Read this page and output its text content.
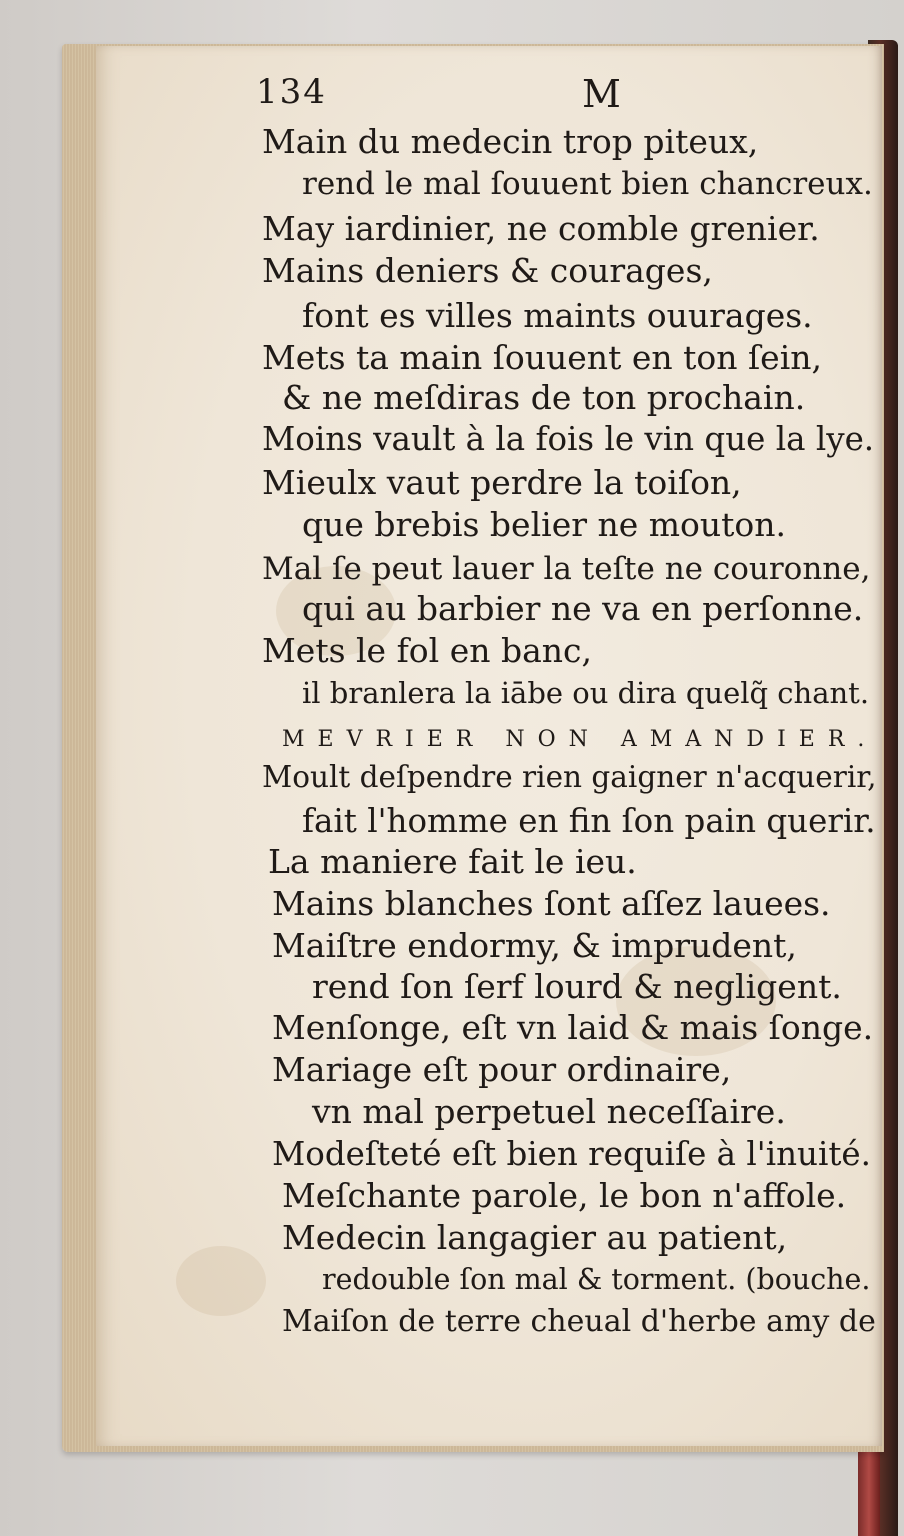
134	M
Main du medecin trop piteux,
rend le mal ſouuent bien chancreux.
May iardinier, ne comble grenier.
Mains deniers & courages,
font es villes maints ouurages.
Mets ta main ſouuent en ton ſein,
& ne meſdiras de ton prochain.
Moins vault à la fois le vin que la lye.
Mieulx vaut perdre la toiſon,
que brebis belier ne mouton.
Mal ſe peut lauer la teſte ne couronne,
qui au barbier ne va en perſonne.
Mets le fol en banc,
il branlera la iābe ou dira quelq̃ chant.
MEVRIER NON AMANDIER.
Moult deſpendre rien gaigner n'acquerir,
fait l'homme en fin ſon pain querir.
La maniere fait le ieu.
Mains blanches ſont aſſez lauees.
Maiſtre endormy, & imprudent,
rend ſon ſerf lourd & negligent.
Menſonge, eſt vn laid & mais ſonge.
Mariage eſt pour ordinaire,
vn mal perpetuel neceſſaire.
Modeſteté eſt bien requiſe à l'inuité.
Meſchante parole, le bon n'affole.
Medecin langagier au patient,
redouble ſon mal & torment. (bouche.
Maiſon de terre cheual d'herbe amy de
